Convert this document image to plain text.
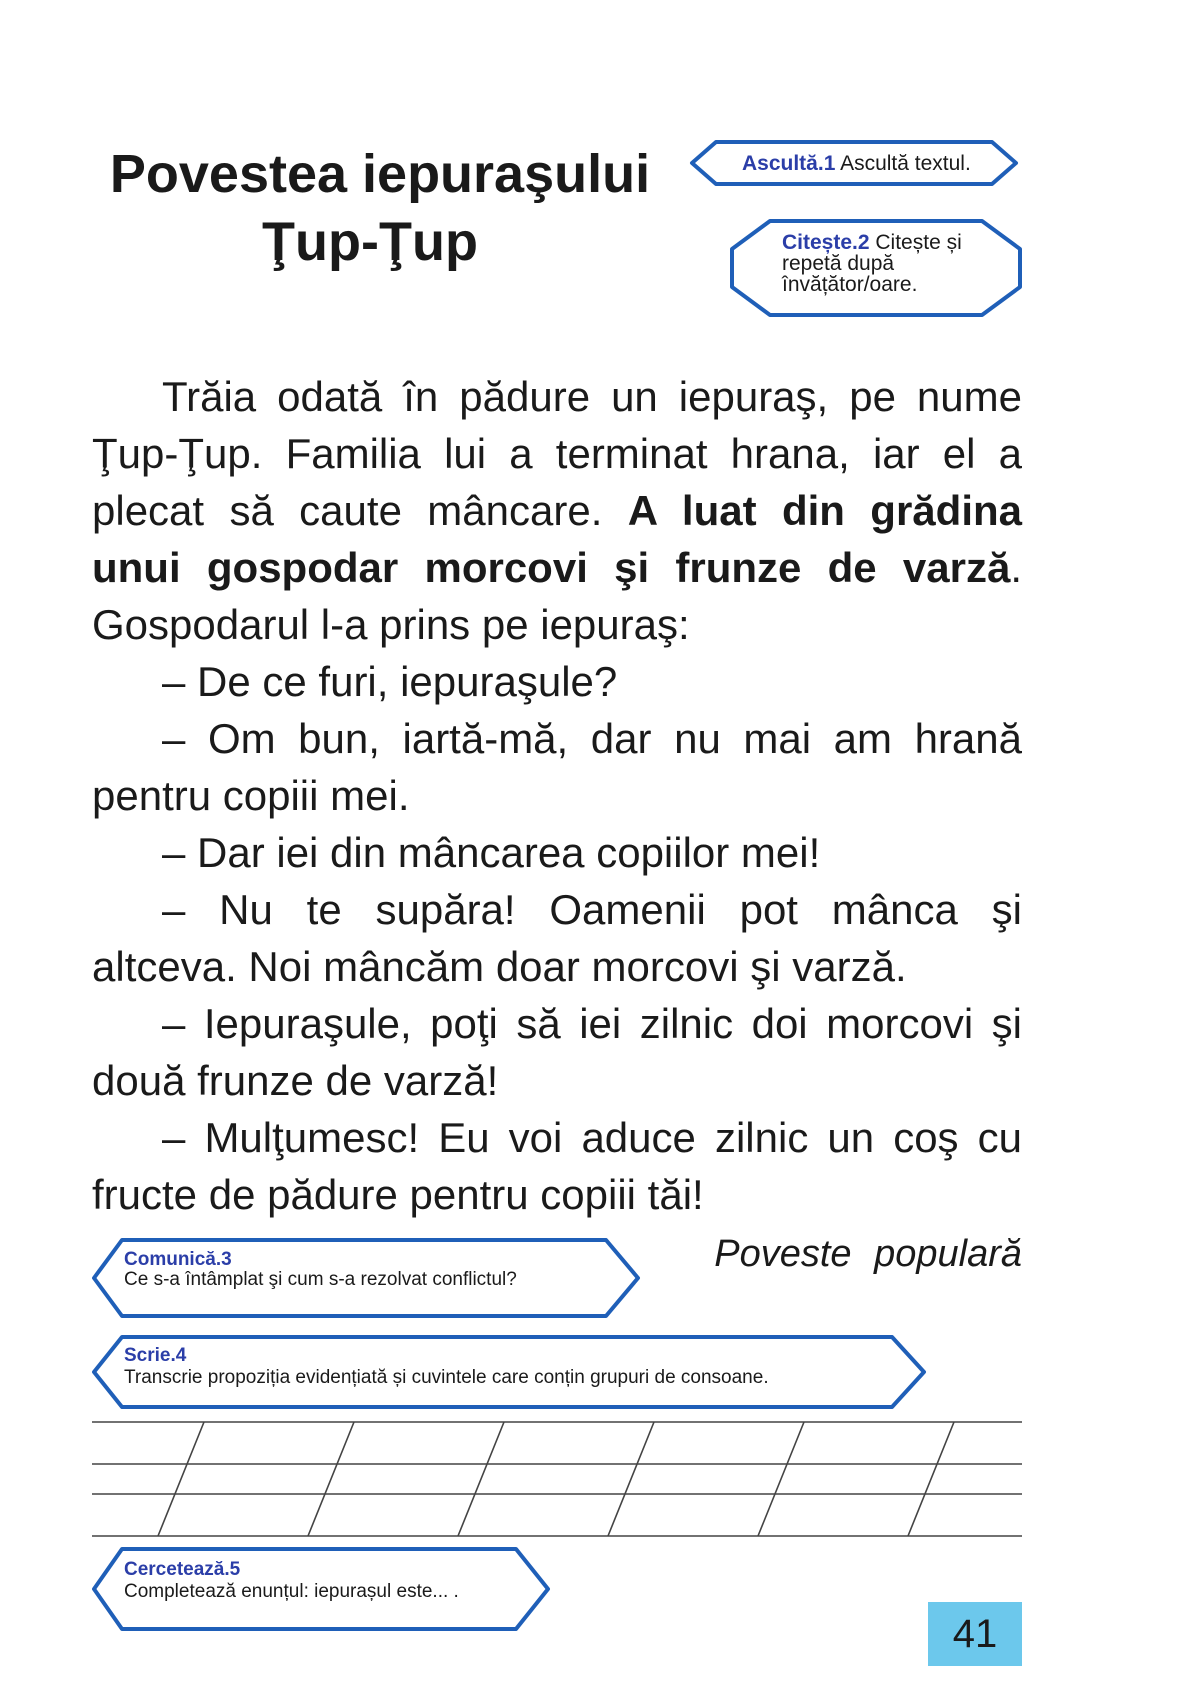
Povestea iepuraşului

Ţup-Ţup
Ascultă.1 Ascultă textul.
Citește.2 Citește și repetă după învățător/oare.

Trăia odată în pădure un iepuraş, pe nume Ţup-Ţup. Familia lui a terminat hrana, iar el a plecat să caute mâncare. A luat din grădina unui gospodar morcovi şi frunze de varză. Gospodarul l-a prins pe iepuraş:

– De ce furi, iepuraşule?

– Om bun, iartă-mă, dar nu mai am hrană pentru copiii mei.

– Dar iei din mâncarea copiilor mei!

– Nu te supăra! Oamenii pot mânca şi altceva. Noi mâncăm doar morcovi şi varză.

– Iepuraşule, poţi să iei zilnic doi morcovi şi două frunze de varză!

– Mulţumesc! Eu voi aduce zilnic un coş cu fructe de pădure pentru copiii tăi!

Poveste populară
Comunică.3
Ce s-a întâmplat şi cum s-a rezolvat conflictul?
Scrie.4
Transcrie propoziția evidențiată și cuvintele care conțin grupuri de consoane.
Cercetează.5
Completează enunțul: iepurașul este... .
41
